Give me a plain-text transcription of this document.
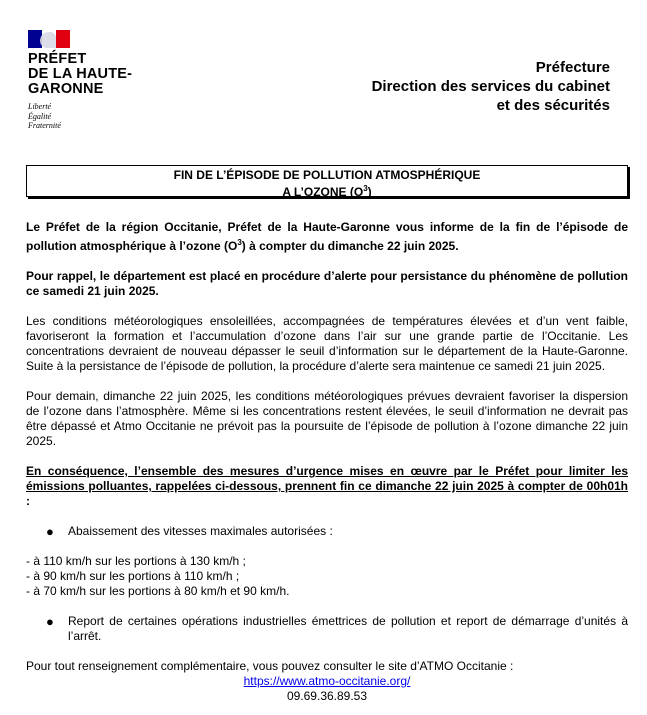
PRÉFET
DE LA HAUTE-
GARONNE
Liberté
Égalité
Fraternité
Préfecture
Direction des services du cabinet
et des sécurités
FIN DE L’ÉPISODE DE POLLUTION ATMOSPHÉRIQUE
A L’OZONE $(O^3)$

Le Préfet de la région Occitanie, Préfet de la Haute-Garonne vous informe de la fin de l’épisode de pollution atmosphérique à l’ozone $(O^3)$ à compter du dimanche 22 juin 2025.

Pour rappel, le département est placé en procédure d’alerte pour persistance du phénomène de pollution ce samedi 21 juin 2025.

Les conditions météorologiques ensoleillées, accompagnées de températures élevées et d’un vent faible, favoriseront la formation et l’accumulation d’ozone dans l’air sur une grande partie de l’Occitanie. Les concentrations devraient de nouveau dépasser le seuil d’information sur le département de la Haute-Garonne. Suite à la persistance de l’épisode de pollution, la procédure d’alerte sera maintenue ce samedi 21 juin 2025.

Pour demain, dimanche 22 juin 2025, les conditions météorologiques prévues devraient favoriser la dispersion de l’ozone dans l’atmosphère. Même si les concentrations restent élevées, le seuil d’information ne devrait pas être dépassé et Atmo Occitanie ne prévoit pas la poursuite de l’épisode de pollution à l’ozone dimanche 22 juin 2025.

En conséquence, l’ensemble des mesures d’urgence mises en œuvre par le Préfet pour limiter les émissions polluantes, rappelées ci-dessous, prennent fin ce dimanche 22 juin 2025 à compter de 00h01h :

●	Abaissement des vitesses maximales autorisées :

- à 110 km/h sur les portions à 130 km/h ;

- à 90 km/h sur les portions à 110 km/h ;

- à 70 km/h sur les portions à 80 km/h et 90 km/h.

●	Report de certaines opérations industrielles émettrices de pollution et report de démarrage d’unités à l’arrêt.

Pour tout renseignement complémentaire, vous pouvez consulter le site d’ATMO Occitanie :

https://www.atmo-occitanie.org/

09.69.36.89.53
